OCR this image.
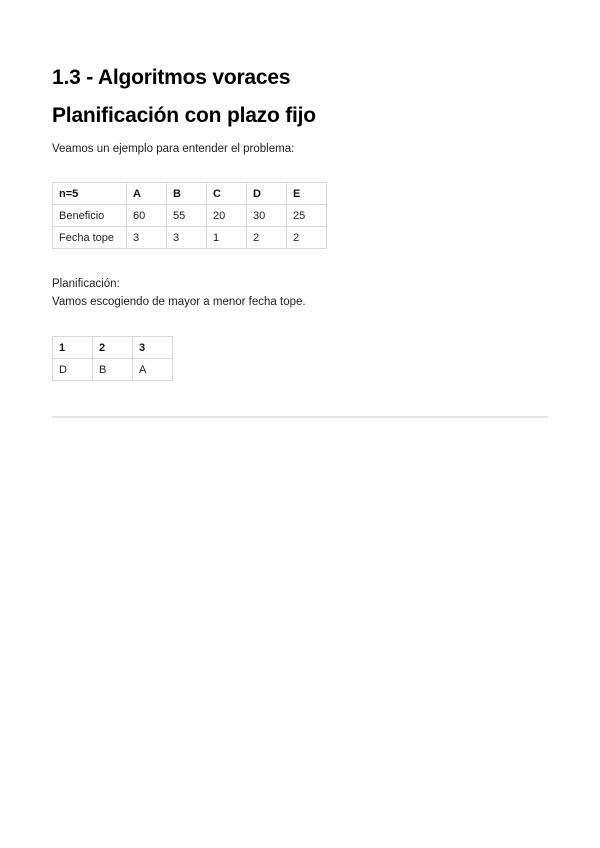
1.3 - Algoritmos voraces
Planificación con plazo fijo

Veamos un ejemplo para entender el problema:

n=5	A	B	C	D	E
Beneficio	60	55	20	30	25
Fecha tope	3	3	1	2	2

Planificación:

Vamos escogiendo de mayor a menor fecha tope.

1	2	3
D	B	A
